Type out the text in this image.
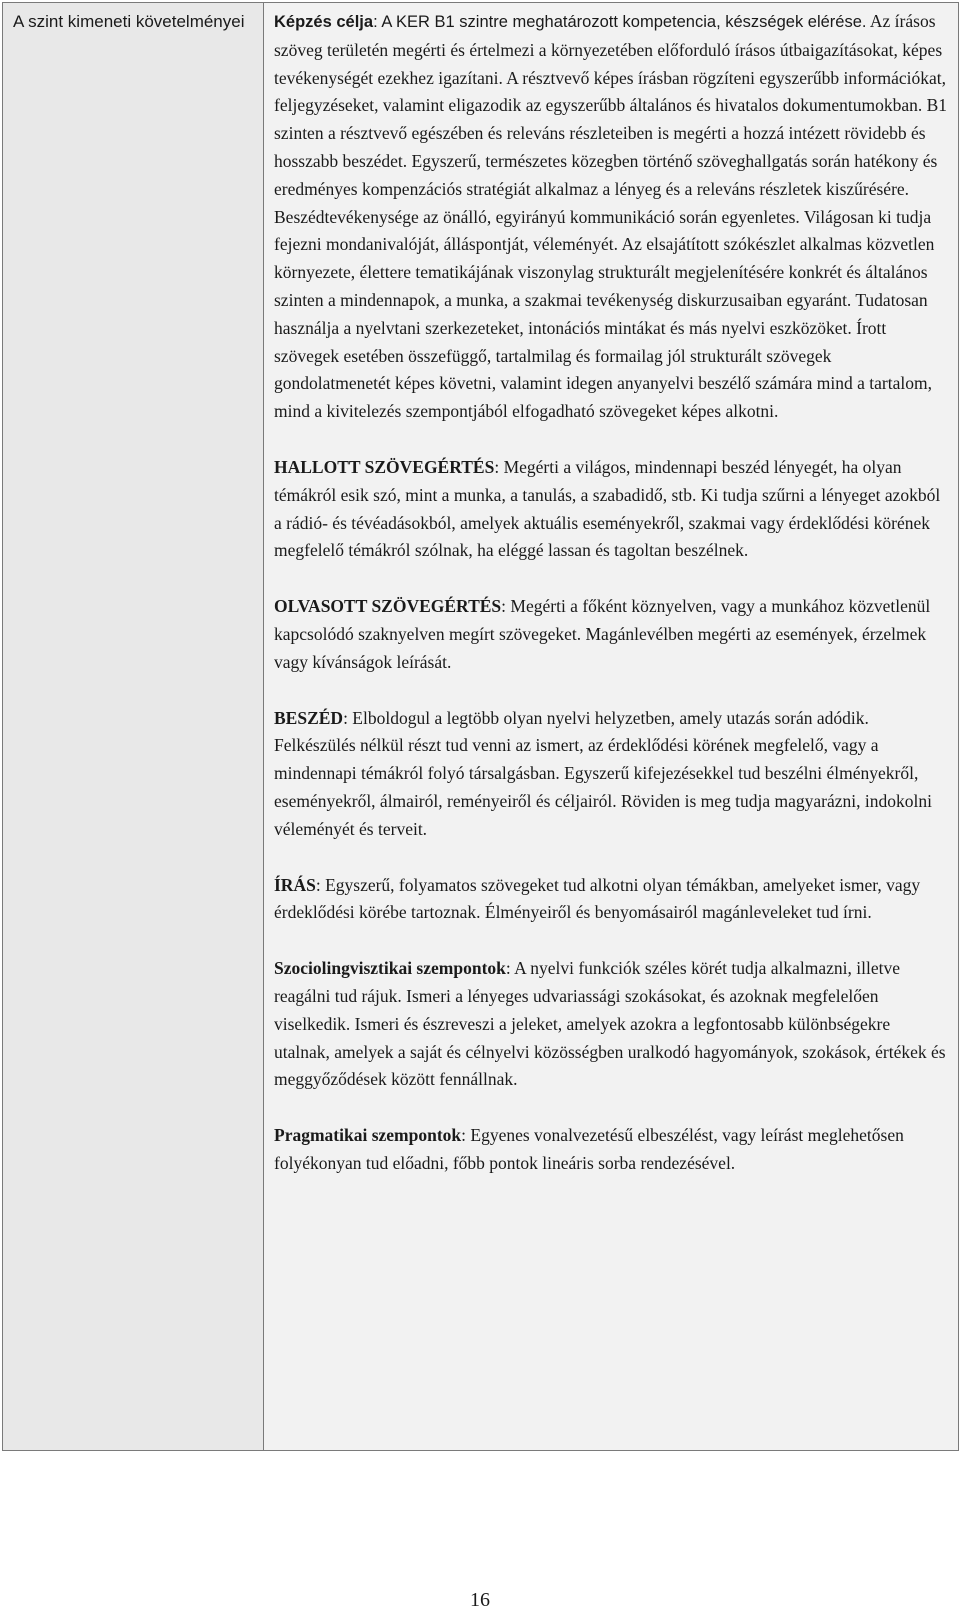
A szint kimeneti követelményei	Képzés célja: A KER B1 szintre meghatározott kompetencia, készségek elérése. Az írásos szöveg területén megérti és értelmezi a környezetében előforduló írásos útbaigazításokat, képes tevékenységét ezekhez igazítani. A résztvevő képes írásban rögzíteni egyszerűbb információkat, feljegyzéseket, valamint eligazodik az egyszerűbb általános és hivatalos dokumentumokban. B1 szinten a résztvevő egészében és releváns részleteiben is megérti a hozzá intézett rövidebb és hosszabb beszédet. Egyszerű, természetes közegben történő szöveghallgatás során hatékony és eredményes kompenzációs stratégiát alkalmaz a lényeg és a releváns részletek kiszűrésére. Beszédtevékenysége az önálló, egyirányú kommunikáció során egyenletes. Világosan ki tudja fejezni mondanivalóját, álláspontját, véleményét. Az elsajátított szókészlet alkalmas közvetlen környezete, élettere tematikájának viszonylag strukturált megjelenítésére konkrét és általános szinten a mindennapok, a munka, a szakmai tevékenység diskurzusaiban egyaránt. Tudatosan használja a nyelvtani szerkezeteket, intonációs mintákat és más nyelvi eszközöket. Írott szövegek esetében összefüggő, tartalmilag és formailag jól strukturált szövegek gondolatmenetét képes követni, valamint idegen anyanyelvi beszélő számára mind a tartalom, mind a kivitelezés szempontjából elfogadható szövegeket képes alkotni.

HALLOTT SZÖVEGÉRTÉS: Megérti a világos, mindennapi beszéd lényegét, ha olyan témákról esik szó, mint a munka, a tanulás, a szabadidő, stb. Ki tudja szűrni a lényeget azokból a rádió- és tévéadásokból, amelyek aktuális eseményekről, szakmai vagy érdeklődési körének megfelelő témákról szólnak, ha eléggé lassan és tagoltan beszélnek.

OLVASOTT SZÖVEGÉRTÉS: Megérti a főként köznyelven, vagy a munkához közvetlenül kapcsolódó szaknyelven megírt szövegeket. Magánlevélben megérti az események, érzelmek vagy kívánságok leírását.

BESZÉD: Elboldogul a legtöbb olyan nyelvi helyzetben, amely utazás során adódik. Felkészülés nélkül részt tud venni az ismert, az érdeklődési körének megfelelő, vagy a mindennapi témákról folyó társalgásban. Egyszerű kifejezésekkel tud beszélni élményekről, eseményekről, álmairól, reményeiről és céljairól. Röviden is meg tudja magyarázni, indokolni véleményét és terveit.

ÍRÁS: Egyszerű, folyamatos szövegeket tud alkotni olyan témákban, amelyeket ismer, vagy érdeklődési körébe tartoznak. Élményeiről és benyomásairól magánleveleket tud írni.

Szociolingvisztikai szempontok: A nyelvi funkciók széles körét tudja alkalmazni, illetve reagálni tud rájuk. Ismeri a lényeges udvariassági szokásokat, és azoknak megfelelően viselkedik. Ismeri és észreveszi a jeleket, amelyek azokra a legfontosabb különbségekre utalnak, amelyek a saját és célnyelvi közösségben uralkodó hagyományok, szokások, értékek és meggyőződések között fennállnak.

Pragmatikai szempontok: Egyenes vonalvezetésű elbeszélést, vagy leírást meglehetősen folyékonyan tud előadni, főbb pontok lineáris sorba rendezésével.

16
